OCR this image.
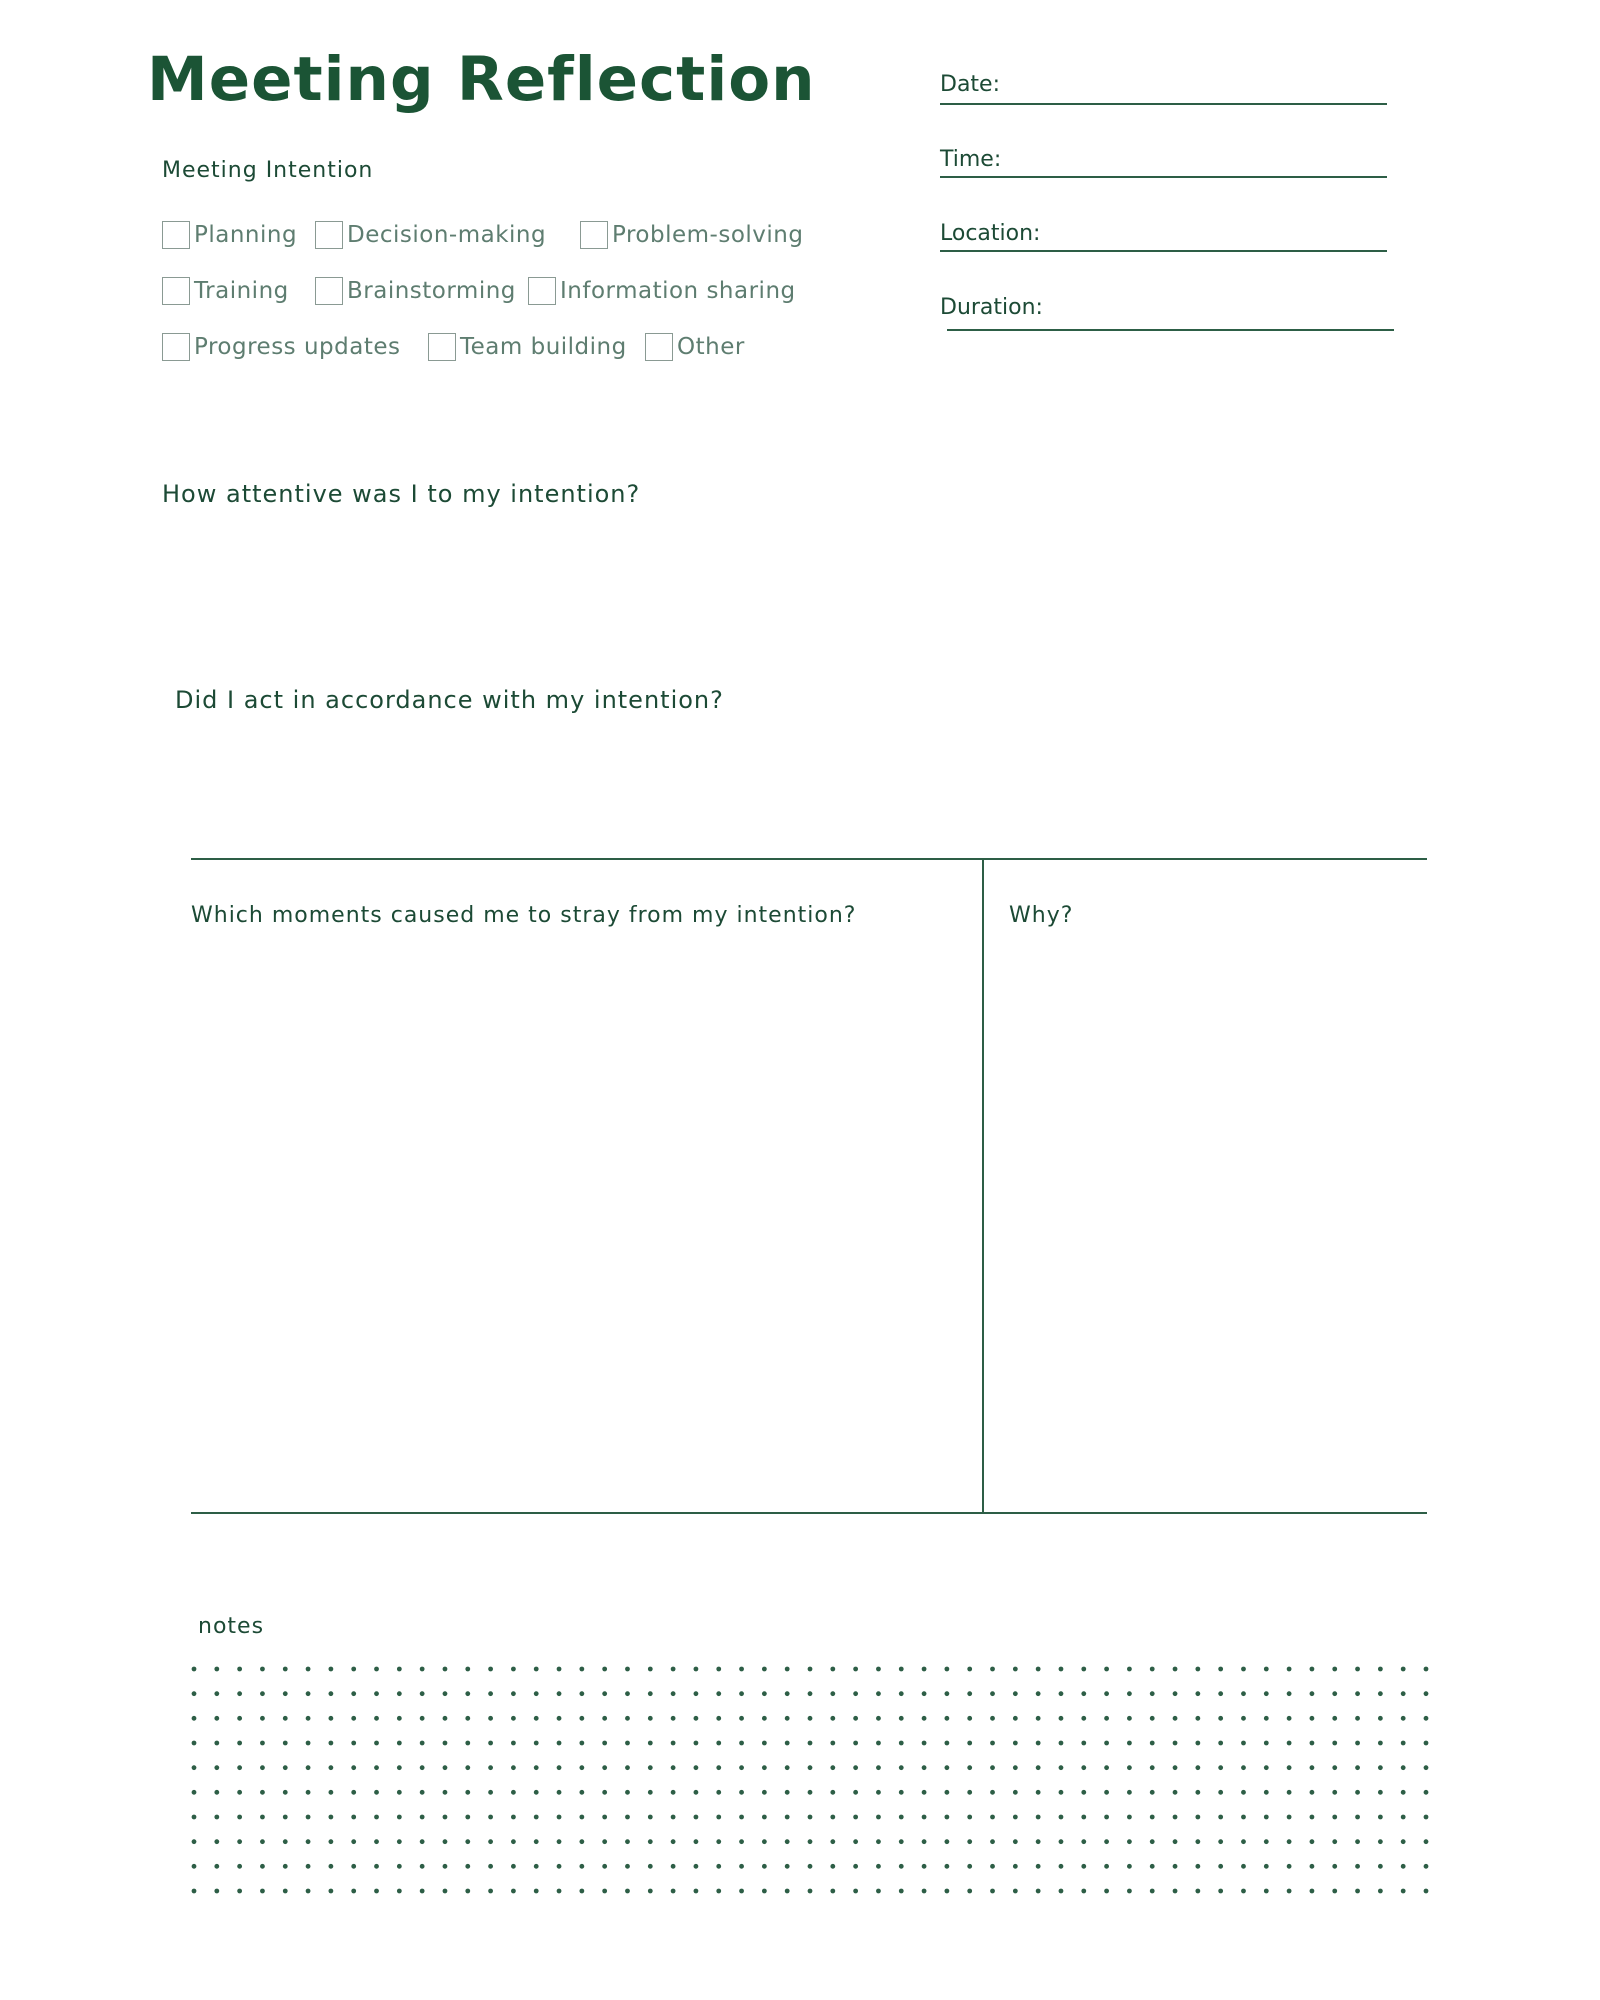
Meeting Reflection
Meeting Intention
Planning Decision-making	Problem-solving
Training	Brainstorming Information sharing
Progress updates	Team building Other
Date:
Time:
Location:
Duration:
How attentive was I to my intention?
Did I act in accordance with my intention?
Which moments caused me to stray from my intention?	Why?
notes
